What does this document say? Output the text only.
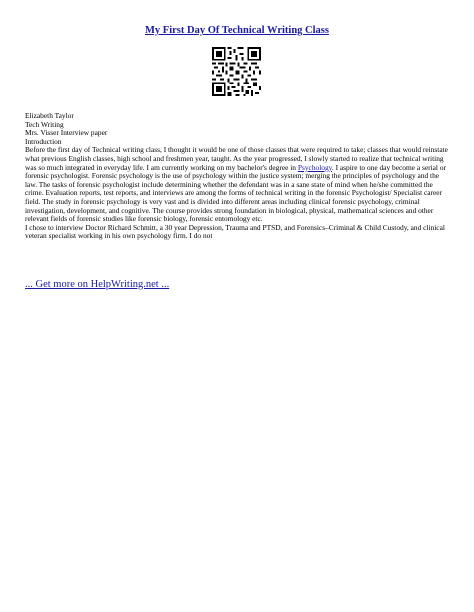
My First Day Of Technical Writing Class
Elizabeth Taylor
Tech Writing
Mrs. Visser Interview paper
Introduction
Before the first day of Technical writing class, I thought it would be one of those classes that were required to take; classes that would reinstate
what previous English classes, high school and freshmen year, taught. As the year progressed, I slowly started to realize that technical writing
was so much integrated in everyday life. I am currently working on my bachelor's degree in Psychology. I aspire to one day become a serial or
forensic psychologist. Forensic psychology is the use of psychology within the justice system; merging the principles of psychology and the
law. The tasks of forensic psychologist include determining whether the defendant was in a sane state of mind when he/she committed the
crime. Evaluation reports, test reports, and interviews are among the forms of technical writing in the forensic Psychologist/ Specialist career
field. The study in forensic psychology is very vast and is divided into different areas including clinical forensic psychology, criminal
investigation, development, and cognitive. The course provides strong foundation in biological, physical, mathematical sciences and other
relevant fields of forensic studies like forensic biology, forensic entomology etc.
I chose to interview Doctor Richard Schmitt, a 30 year Depression, Trauma and PTSD, and Forensics–Criminal & Child Custody, and clinical
veteran specialist working in his own psychology firm. I do not
... Get more on HelpWriting.net ...
